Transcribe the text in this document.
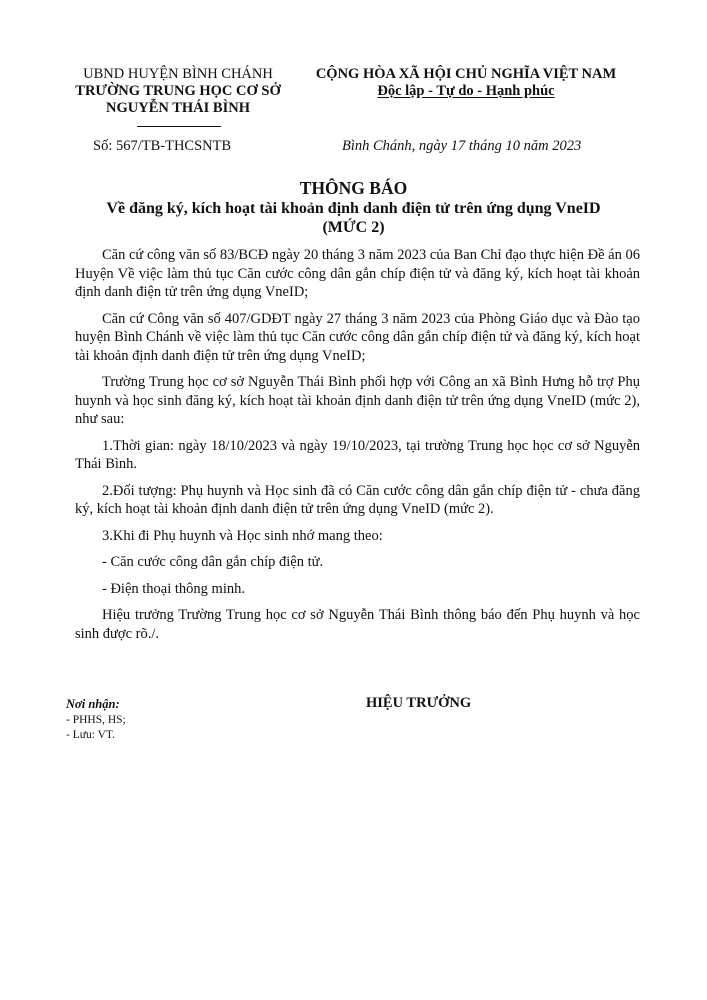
UBND HUYỆN BÌNH CHÁNH
TRƯỜNG TRUNG HỌC CƠ SỞ
NGUYỄN THÁI BÌNH
CỘNG HÒA XÃ HỘI CHỦ NGHĨA VIỆT NAM
Độc lập - Tự do - Hạnh phúc
Số: 567/TB-THCSNTB	Bình Chánh, ngày 17 tháng 10 năm 2023
THÔNG BÁO
Về đăng ký, kích hoạt tài khoản định danh điện tử trên ứng dụng VneID
(MỨC 2)

Căn cứ công văn số 83/BCĐ ngày 20 tháng 3 năm 2023 của Ban Chỉ đạo thực hiện Đề án 06 Huyện Về việc làm thủ tục Căn cước công dân gắn chíp điện tử và đăng ký, kích hoạt tài khoản định danh điện tử trên ứng dụng VneID;

Căn cứ Công văn số 407/GDĐT ngày 27 tháng 3 năm 2023 của Phòng Giáo dục và Đào tạo huyện Bình Chánh về việc làm thủ tục Căn cước công dân gắn chíp điện tử và đăng ký, kích hoạt tài khoản định danh điện tử trên ứng dụng VneID;

Trường Trung học cơ sở Nguyễn Thái Bình phối hợp với Công an xã Bình Hưng hỗ trợ Phụ huynh và học sinh đăng ký, kích hoạt tài khoản định danh điện tử trên ứng dụng VneID (mức 2), như sau:

1.Thời gian: ngày 18/10/2023 và ngày 19/10/2023, tại trường Trung học học cơ sở Nguyễn Thái Bình.

2.Đối tượng: Phụ huynh và Học sinh đã có Căn cước công dân gắn chíp điện tử - chưa đăng ký, kích hoạt tài khoản định danh điện tử trên ứng dụng VneID (mức 2).

3.Khi đi Phụ huynh và Học sinh nhớ mang theo:

- Căn cước công dân gắn chíp điện tử.

- Điện thoại thông minh.

Hiệu trưởng Trường Trung học cơ sở Nguyễn Thái Bình thông báo đến Phụ huynh và học sinh được rõ./.

Nơi nhận:
- PHHS, HS;
- Lưu: VT.
HIỆU TRƯỞNG
